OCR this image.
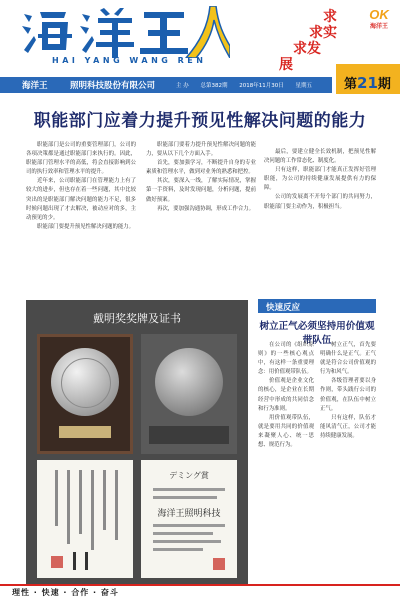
HAI YANG WANG REN
求
求实
求发
展
OK
海洋王
海洋王	照明科技股份有限公司	主 办 总第382期 2018年11月30日 星期五	第21期
职能部门应着力提升预见性解决问题的能力

职能部门是公司的重要管理部门，公司的各项决策都是通过职能部门来执行的。因此，职能部门管理水平的高低，将会直接影响到公司的执行效率和管理水平的提升。

近年来，公司职能部门在管理能力上有了较大的进步，但也存在着一些问题，其中比较突出的是职能部门解决问题的能力不足，很多时候问题出现了才去解决，被动应对的多，主动预见的少。

职能部门要提升预见性解决问题的能力。

职能部门要着力提升预见性解决问题的能力，要从以下几个方面入手。

首先，要加强学习，不断提升自身的专业素质和管理水平，做到对业务的熟悉和把控。

其次，要深入一线，了解实际情况，掌握第一手资料，及时发现问题，分析问题，提前做好预案。

再次，要加强沟通协调，形成工作合力。

最后，要建立健全长效机制，把预见性解决问题的工作常态化、制度化。

只有这样，职能部门才能真正发挥好管理职能，为公司的持续健康发展提供有力的保障。

公司的发展离不开每个部门的共同努力，职能部门要主动作为，积极担当。

戴明奖奖牌及证书
デミング賞
海洋王照明科技
快速反应
树立正气必须坚持用价值观带队伍

在公司的《组织原则》的一些核心观点中，有这样一条重要理念：用价值观带队伍。

价值观是企业文化的核心，是企业在长期经营中形成的共同信念和行为准则。

用价值观带队伍，就是要用共同的价值观来凝聚人心、统一思想、规范行为。

树立正气，首先要明确什么是正气。正气就是符合公司价值观的行为和风气。

各级管理者要以身作则，带头践行公司的价值观，在队伍中树立正气。

只有这样，队伍才能风清气正，公司才能持续健康发展。

理性 · 快速 · 合作 · 奋斗
